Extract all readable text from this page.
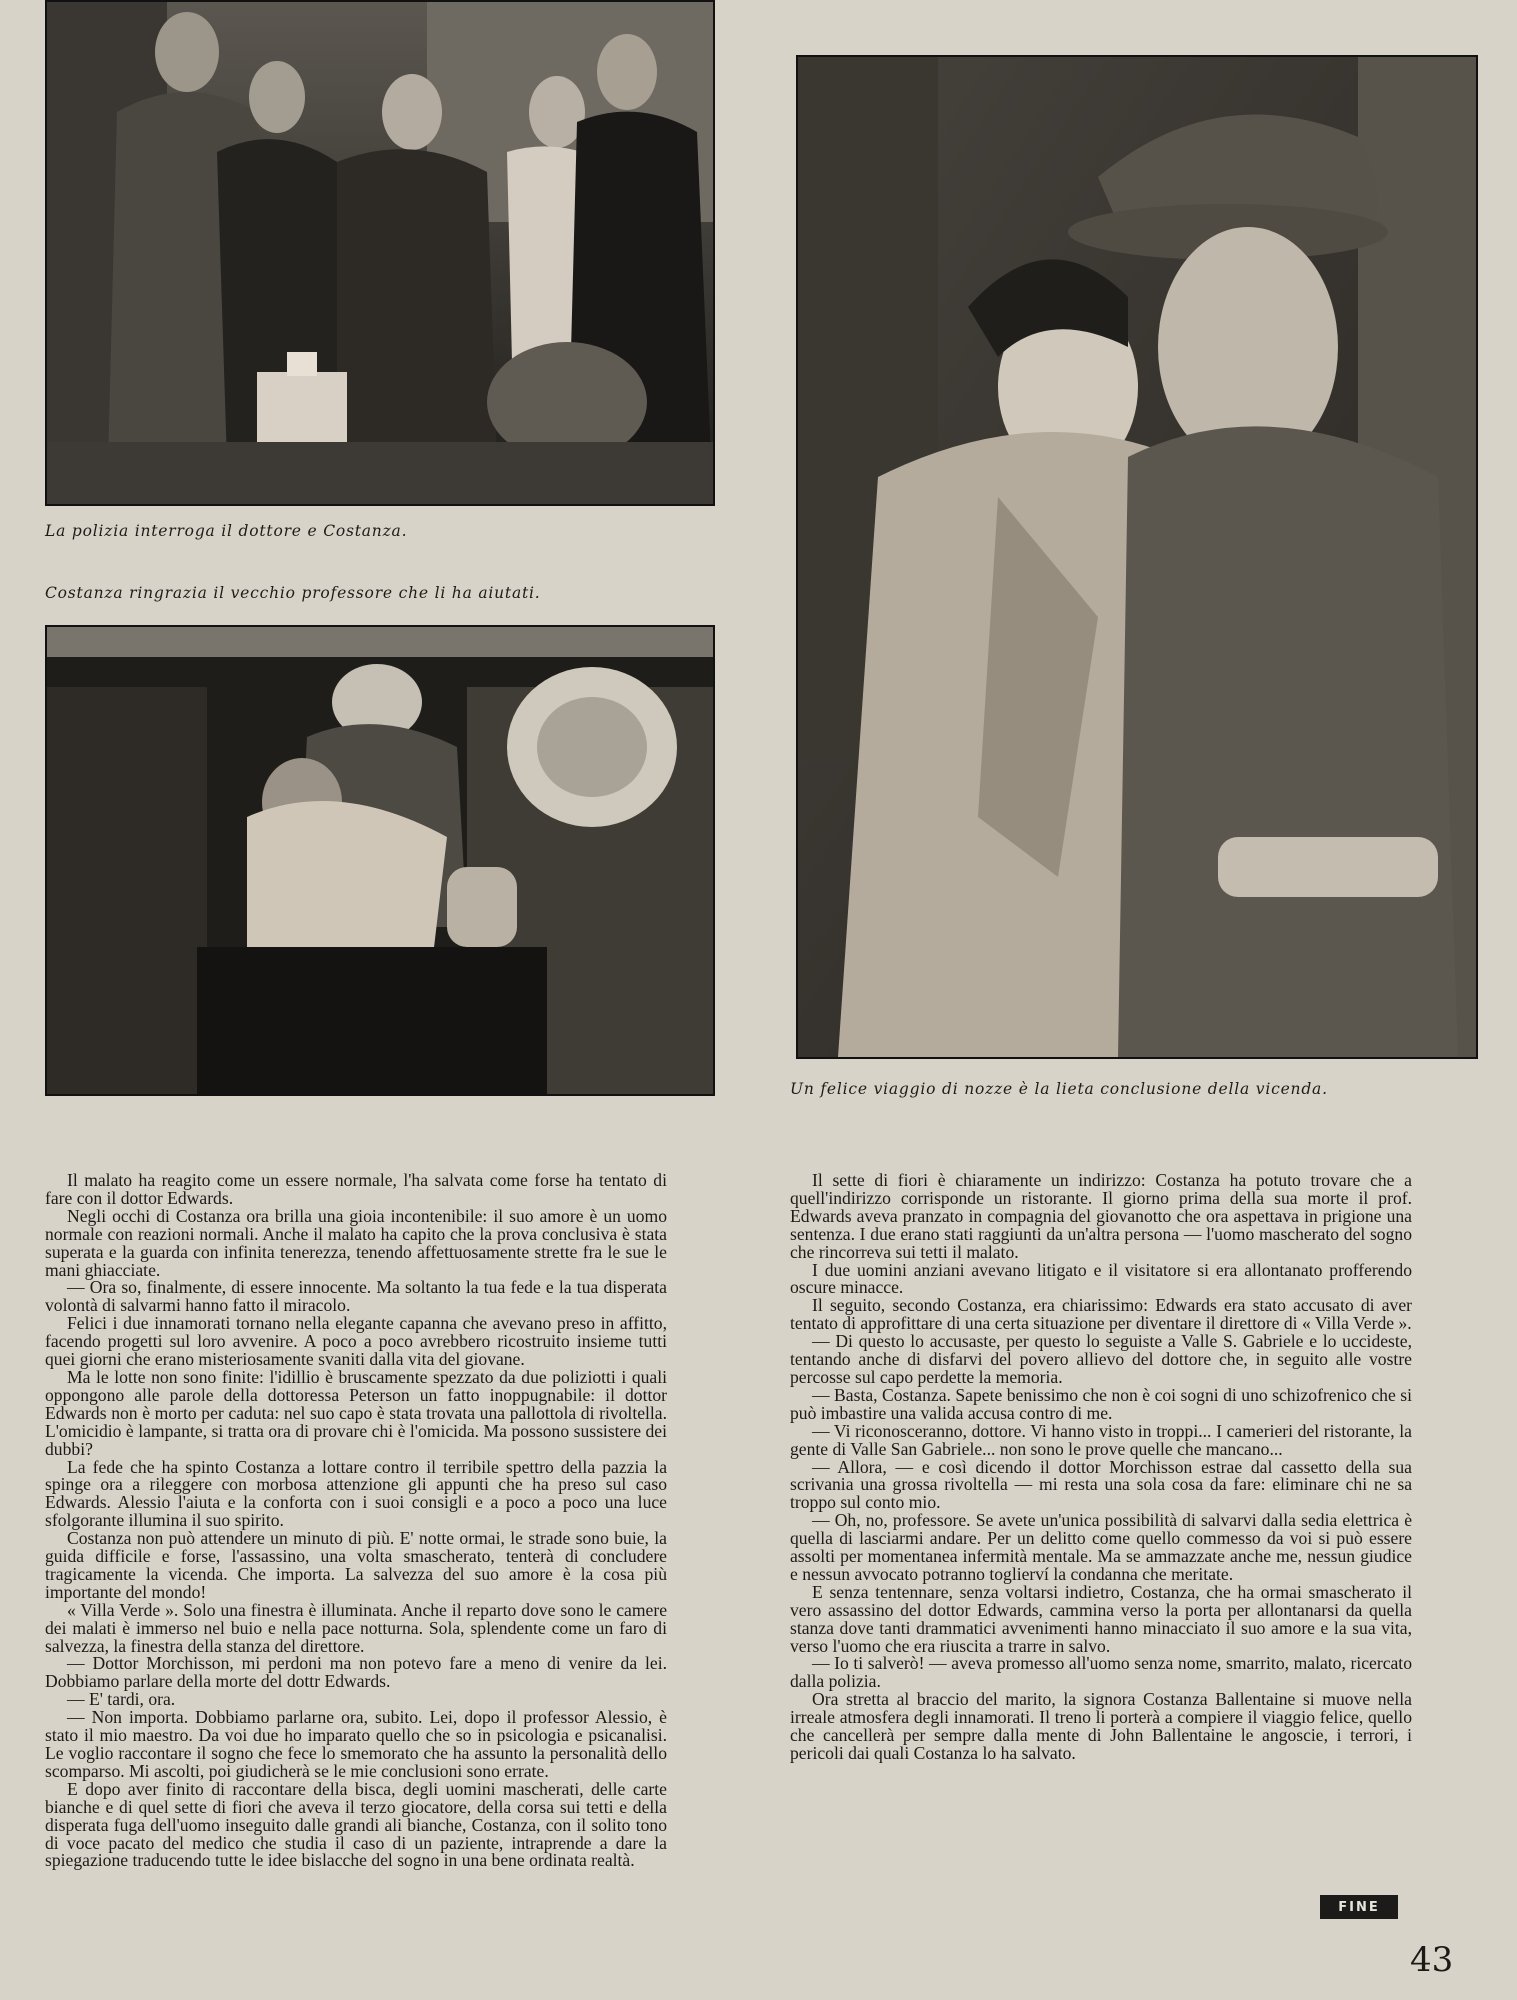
La polizia interroga il dottore e Costanza.
Costanza ringrazia il vecchio professore che li ha aiutati.
Un felice viaggio di nozze è la lieta conclusione della vicenda.

Il malato ha reagito come un essere normale, l'ha salvata come forse ha tentato di fare con il dottor Edwards.

Negli occhi di Costanza ora brilla una gioia incontenibile: il suo amore è un uomo normale con reazioni normali. Anche il malato ha capito che la prova conclusiva è stata superata e la guarda con infinita tenerezza, tenendo affettuosamente strette fra le sue le mani ghiacciate.

— Ora so, finalmente, di essere innocente. Ma soltanto la tua fede e la tua disperata volontà di salvarmi hanno fatto il miracolo.

Felici i due innamorati tornano nella elegante capanna che avevano preso in affitto, facendo progetti sul loro avvenire. A poco a poco avrebbero ricostruito insieme tutti quei giorni che erano misteriosamente svaniti dalla vita del giovane.

Ma le lotte non sono finite: l'idillio è bruscamente spezzato da due poliziotti i quali oppongono alle parole della dottoressa Peterson un fatto inoppugnabile: il dottor Edwards non è morto per caduta: nel suo capo è stata trovata una pallottola di rivoltella. L'omicidio è lampante, si tratta ora di provare chi è l'omicida. Ma possono sussistere dei dubbi?

La fede che ha spinto Costanza a lottare contro il terribile spettro della pazzia la spinge ora a rileggere con morbosa attenzione gli appunti che ha preso sul caso Edwards. Alessio l'aiuta e la conforta con i suoi consigli e a poco a poco una luce sfolgorante illumina il suo spirito.

Costanza non può attendere un minuto di più. E' notte ormai, le strade sono buie, la guida difficile e forse, l'assassino, una volta smascherato, tenterà di concludere tragicamente la vicenda. Che importa. La salvezza del suo amore è la cosa più importante del mondo!

« Villa Verde ». Solo una finestra è illuminata. Anche il reparto dove sono le camere dei malati è immerso nel buio e nella pace notturna. Sola, splendente come un faro di salvezza, la finestra della stanza del direttore.

— Dottor Morchisson, mi perdoni ma non potevo fare a meno di venire da lei. Dobbiamo parlare della morte del dottr Edwards.

— E' tardi, ora.

— Non importa. Dobbiamo parlarne ora, subito. Lei, dopo il professor Alessio, è stato il mio maestro. Da voi due ho imparato quello che so in psicologia e psicanalisi. Le voglio raccontare il sogno che fece lo smemorato che ha assunto la personalità dello scomparso. Mi ascolti, poi giudicherà se le mie conclusioni sono errate.

E dopo aver finito di raccontare della bisca, degli uomini mascherati, delle carte bianche e di quel sette di fiori che aveva il terzo giocatore, della corsa sui tetti e della disperata fuga dell'uomo inseguito dalle grandi ali bianche, Costanza, con il solito tono di voce pacato del medico che studia il caso di un paziente, intraprende a dare la spiegazione traducendo tutte le idee bislacche del sogno in una bene ordinata realtà.

Il sette di fiori è chiaramente un indirizzo: Costanza ha potuto trovare che a quell'indirizzo corrisponde un ristorante. Il giorno prima della sua morte il prof. Edwards aveva pranzato in compagnia del giovanotto che ora aspettava in prigione una sentenza. I due erano stati raggiunti da un'altra persona — l'uomo mascherato del sogno che rincorreva sui tetti il malato.

I due uomini anziani avevano litigato e il visitatore si era allontanato profferendo oscure minacce.

Il seguito, secondo Costanza, era chiarissimo: Edwards era stato accusato di aver tentato di approfittare di una certa situazione per diventare il direttore di « Villa Verde ».

— Di questo lo accusaste, per questo lo seguiste a Valle S. Gabriele e lo uccideste, tentando anche di disfarvi del povero allievo del dottore che, in seguito alle vostre percosse sul capo perdette la memoria.

— Basta, Costanza. Sapete benissimo che non è coi sogni di uno schizofrenico che si può imbastire una valida accusa contro di me.

— Vi riconosceranno, dottore. Vi hanno visto in troppi... I camerieri del ristorante, la gente di Valle San Gabriele... non sono le prove quelle che mancano...

— Allora, — e così dicendo il dottor Morchisson estrae dal cassetto della sua scrivania una grossa rivoltella — mi resta una sola cosa da fare: eliminare chi ne sa troppo sul conto mio.

— Oh, no, professore. Se avete un'unica possibilità di salvarvi dalla sedia elettrica è quella di lasciarmi andare. Per un delitto come quello commesso da voi si può essere assolti per momentanea infermità mentale. Ma se ammazzate anche me, nessun giudice e nessun avvocato potranno toglierví la condanna che meritate.

E senza tentennare, senza voltarsi indietro, Costanza, che ha ormai smascherato il vero assassino del dottor Edwards, cammina verso la porta per allontanarsi da quella stanza dove tanti drammatici avvenimenti hanno minacciato il suo amore e la sua vita, verso l'uomo che era riuscita a trarre in salvo.

— Io ti salverò! — aveva promesso all'uomo senza nome, smarrito, malato, ricercato dalla polizia.

Ora stretta al braccio del marito, la signora Costanza Ballentaine si muove nella irreale atmosfera degli innamorati. Il treno li porterà a compiere il viaggio felice, quello che cancellerà per sempre dalla mente di John Ballentaine le angoscie, i terrori, i pericoli dai quali Costanza lo ha salvato.

FINE
43
